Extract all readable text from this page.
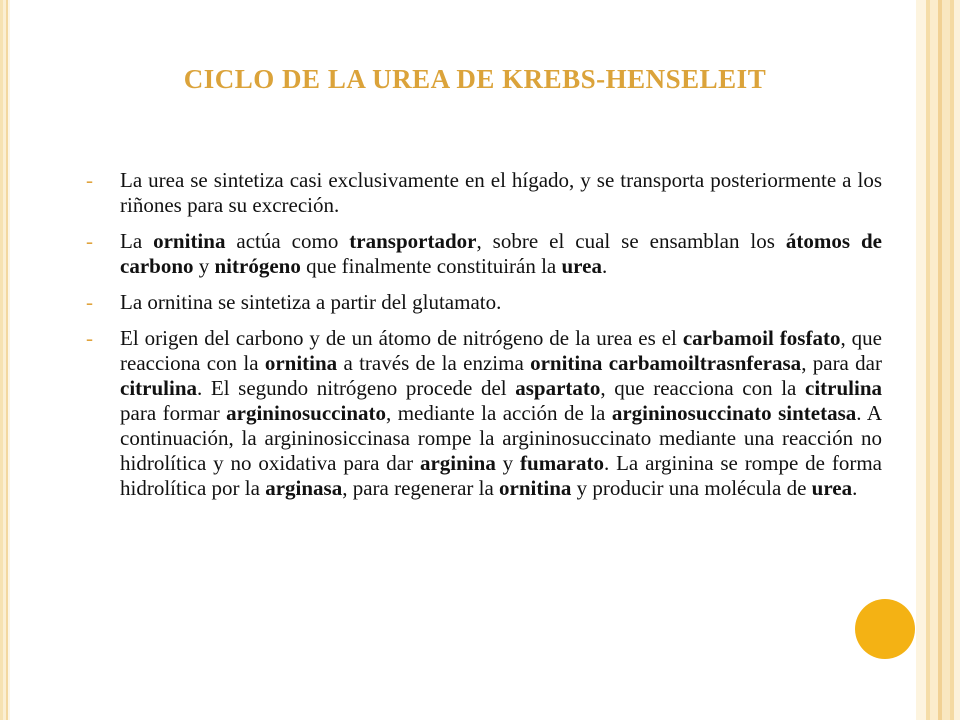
CICLO DE LA UREA DE KREBS-HENSELEIT
-	La urea se sintetiza casi exclusivamente en el hígado, y se transporta posteriormente a los riñones para su excreción.
-	La ornitina actúa como transportador, sobre el cual se ensamblan los átomos de carbono y nitrógeno que finalmente constituirán la urea.
-	La ornitina se sintetiza a partir del glutamato.
-	El origen del carbono y de un átomo de nitrógeno de la urea es el carbamoil fosfato, que reacciona con la ornitina a través de la enzima ornitina carbamoiltrasnferasa, para dar citrulina. El segundo nitrógeno procede del aspartato, que reacciona con la citrulina para formar argininosuccinato, mediante la acción de la argininosuccinato sintetasa. A continuación, la argininosiccinasa rompe la argininosuccinato mediante una reacción no hidrolítica y no oxidativa para dar arginina y fumarato. La arginina se rompe de forma hidrolítica por la arginasa, para regenerar la ornitina y producir una molécula de urea.
